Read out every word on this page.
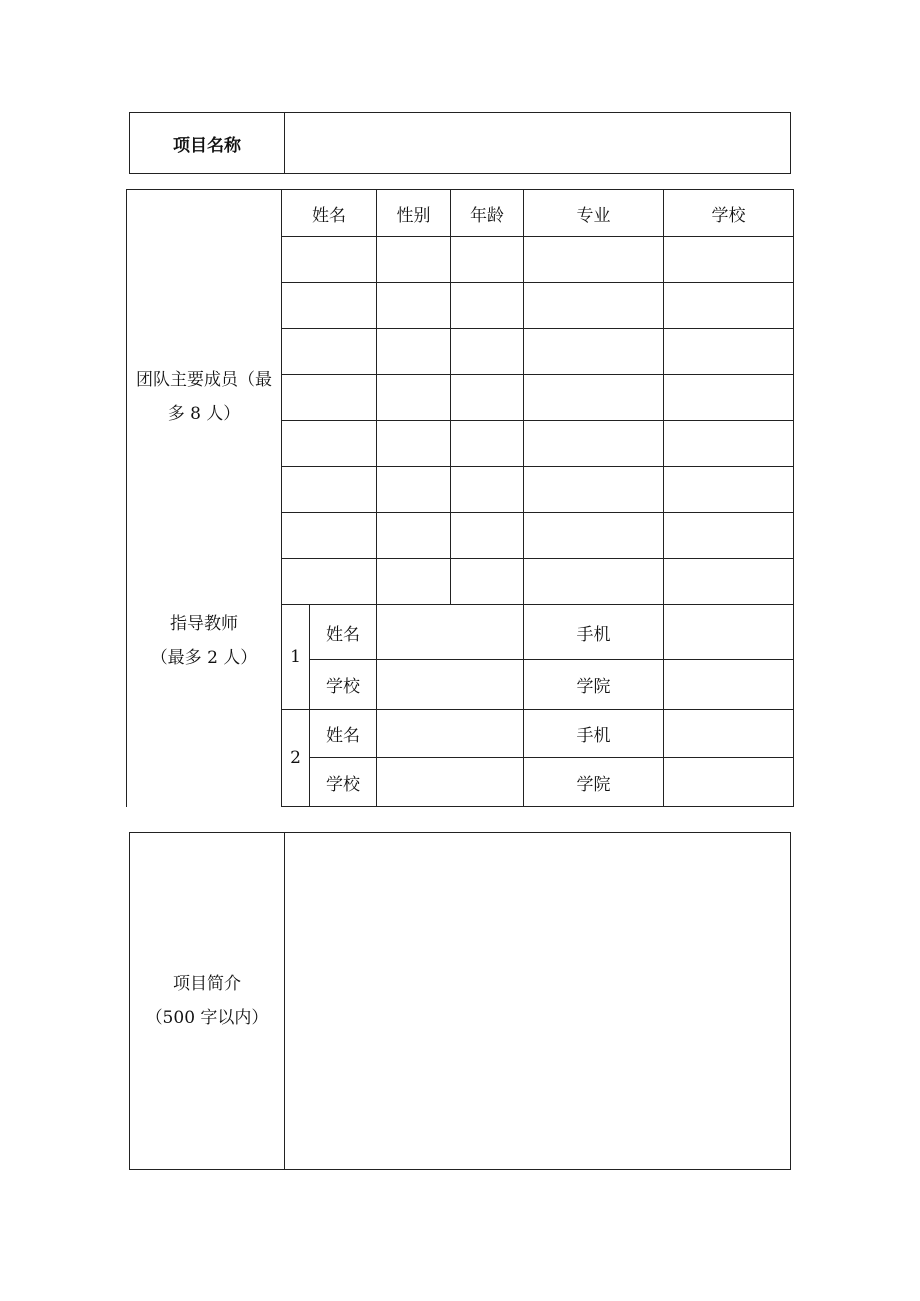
项目名称	
团队主要成员（最
多 8 人）	姓名		性别	年龄	专业	学校

指导教师
（最多 2 人）	1	姓名			手机	
		学校			学院	
	2	姓名			手机	
		学校			学院	
项目简介
（500 字以内）	
